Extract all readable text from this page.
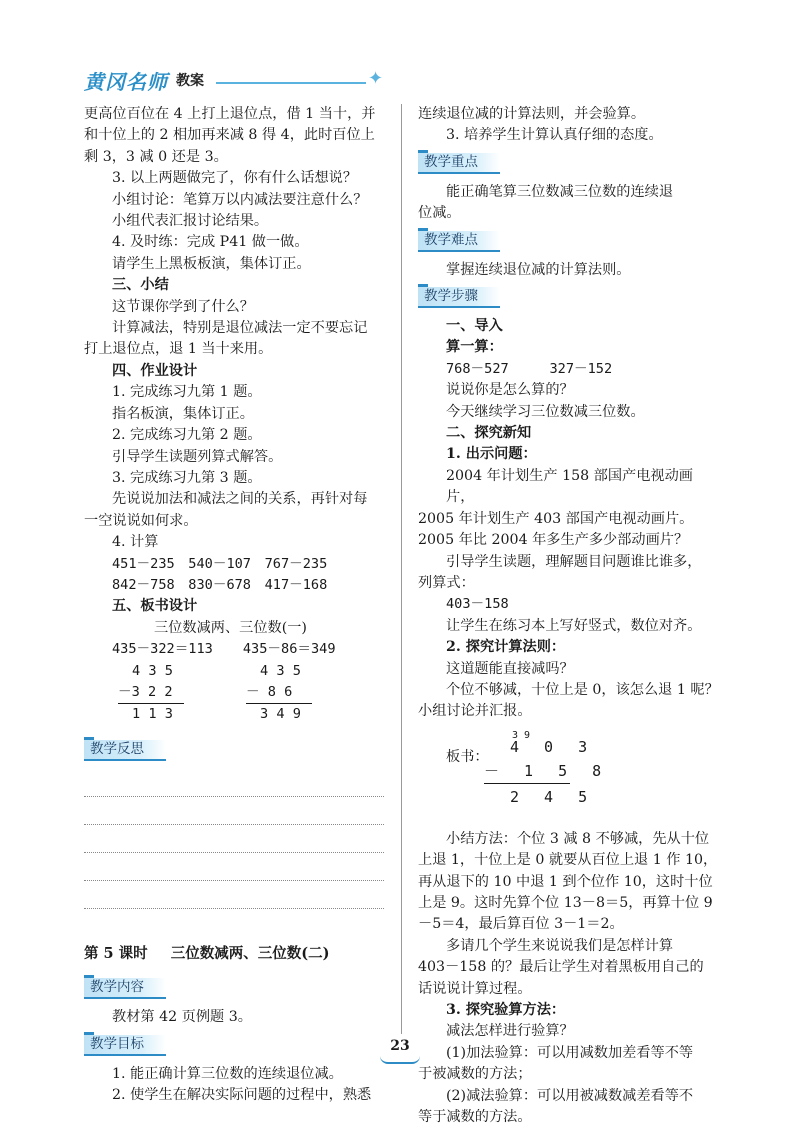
黄冈名师 教案	✦

更高位百位在 4 上打上退位点，借 1 当十，并

和十位上的 2 相加再来减 8 得 4，此时百位上

剩 3，3 减 0 还是 3。

3. 以上两题做完了，你有什么话想说？

小组讨论：笔算万以内减法要注意什么？

小组代表汇报讨论结果。

4. 及时练：完成 P41 做一做。

请学生上黑板板演，集体订正。

三、小结

这节课你学到了什么？

计算减法，特别是退位减法一定不要忘记

打上退位点，退 1 当十来用。

四、作业设计

1. 完成练习九第 1 题。

指名板演，集体订正。

2. 完成练习九第 2 题。

引导学生读题列算式解答。

3. 完成练习九第 3 题。

先说说加法和减法之间的关系，再针对每

一空说说如何求。

4. 计算

451－235　540－107　767－235

842－758　830－678　417－168

五、板书设计

三位数减两、三位数(一)

435－322＝113 435－86＝349
4 3 5
－3 2 2
1 1 3
4 3 5
－ 8 6
3 4 9
教学反思
第 5 课时 三位数减两、三位数(二)
教学内容

教材第 42 页例题 3。

教学目标

1. 能正确计算三位数的连续退位减。

2. 使学生在解决实际问题的过程中，熟悉

连续退位减的计算法则，并会验算。

3. 培养学生计算认真仔细的态度。

教学重点

能正确笔算三位数减三位数的连续退

位减。

教学难点

掌握连续退位减的计算法则。

教学步骤

一、导入

算一算：

768－527　　　327－152

说说你是怎么算的？

今天继续学习三位数减三位数。

二、探究新知

1. 出示问题：

2004 年计划生产 158 部国产电视动画片，

2005 年计划生产 403 部国产电视动画片。

2005 年比 2004 年多生产多少部动画片？

引导学生读题，理解题目问题谁比谁多，

列算式：

403－158

让学生在练习本上写好竖式，数位对齐。

2. 探究计算法则：

这道题能直接减吗？

个位不够减，十位上是 0，该怎么退 1 呢？

小组讨论并汇报。

板书：
3 9
4 0 3
－ 1 5 8
2 4 5

小结方法：个位 3 减 8 不够减，先从十位

上退 1，十位上是 0 就要从百位上退 1 作 10，

再从退下的 10 中退 1 到个位作 10，这时十位

上是 9。这时先算个位 13－8＝5，再算十位 9

－5＝4，最后算百位 3－1＝2。

多请几个学生来说说我们是怎样计算

403－158 的？最后让学生对着黑板用自己的

话说说计算过程。

3. 探究验算方法：

减法怎样进行验算？

(1)加法验算：可以用减数加差看等不等

于被减数的方法；

(2)减法验算：可以用被减数减差看等不

等于减数的方法。

23
